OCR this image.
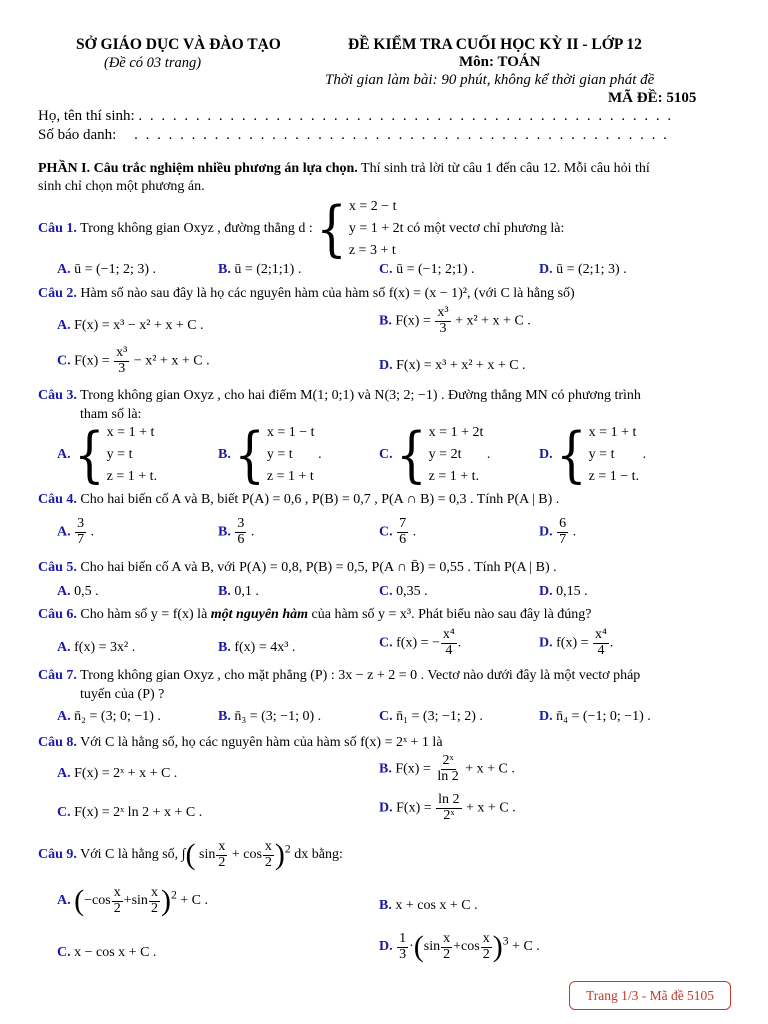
SỞ GIÁO DỤC VÀ ĐÀO TẠO
(Đề có 03 trang)
ĐỀ KIỂM TRA CUỐI HỌC KỲ II - LỚP 12
Môn: TOÁN
Thời gian làm bài: 90 phút, không kể thời gian phát đề
MÃ ĐỀ: 5105
Họ, tên thí sinh: . . . . . . . . . . . . . . . . . . . . . . . . . . . . . . . . . . . . . . . . . . . . . . .
Số báo danh: . . . . . . . . . . . . . . . . . . . . . . . . . . . . . . . . . . . . . . . . . . . . . . .
PHẦN I. Câu trắc nghiệm nhiều phương án lựa chọn. Thí sinh trả lời từ câu 1 đến câu 12. Mỗi câu hỏi thí
sinh chỉ chọn một phương án.
Câu 1. Trong không gian Oxyz , đường thẳng d : { x = 2 − t
y = 1 + 2t
z = 3 + t
có một vectơ chỉ phương là:
A. ū = (−1; 2; 3) .	B. ū = (2;1;1) .	C. ū = (−1; 2;1) .	D. ū = (2;1; 3) .
Câu 2. Hàm số nào sau đây là họ các nguyên hàm của hàm số f(x) = (x − 1)², (với C là hằng số)
A. F(x) = x³ − x² + x + C .	B. $F(x) = \frac{\text{x³}}{3} + x^2 + x + C$ .
C. $F(x) = \frac{\text{x³}}{3} - x^2 + x + C$ .	D. F(x) = x³ + x² + x + C .
Câu 3. Trong không gian Oxyz , cho hai điểm M(1; 0;1) và N(3; 2; −1) . Đường thẳng MN có phương trình
tham số là:
A. { x = 1 + t
y = t
z = 1 + t.
B. { x = 1 − t
y = t
z = 1 + t
.	C. { x = 1 + 2t
y = 2t
z = 1 + t.
.	D. { x = 1 + t
y = t
z = 1 − t.
.
Câu 4. Cho hai biến cố A và B, biết P(A) = 0,6 , P(B) = 0,7 , P(A ∩ B) = 0,3 . Tính P(A | B) .
A. $\frac{3}{7}$ .	B. $\frac{3}{6}$ .	C. $\frac{7}{6}$ .	D. $\frac{6}{7}$ .
Câu 5. Cho hai biến cố A và B, với P(A) = 0,8, P(B) = 0,5, P(A ∩ B̄) = 0,55 . Tính P(A | B) .
A. 0,5 .	B. 0,1 .	C. 0,35 .	D. 0,15 .
Câu 6. Cho hàm số y = f(x) là một nguyên hàm của hàm số y = x³. Phát biểu nào sau đây là đúng?
A. f(x) = 3x² .	B. f(x) = 4x³ .	C. f(x) = − $\frac{\text{x⁴}}{4}$ .	D. $f(x) = \frac{\text{x⁴}}{4}$ .
Câu 7. Trong không gian Oxyz , cho mặt phẳng (P) : 3x − z + 2 = 0 . Vectơ nào dưới đây là một vectơ pháp
tuyến của (P) ?
A. n̄₂ = (3; 0; −1) .	B. n̄₃ = (3; −1; 0) .	C. n̄₁ = (3; −1; 2) .	D. n̄₄ = (−1; 0; −1) .
Câu 8. Với C là hằng số, họ các nguyên hàm của hàm số f(x) = 2ˣ + 1 là
A. F(x) = 2ˣ + x + C .	B. $F(x) = \frac{\text{2ˣ}}{\ln 2} + x + C$ .
C. F(x) = 2ˣ ln 2 + x + C .	D. $F(x) = \frac{\ln 2}{\text{2ˣ}} + x + C$ .
Câu 9. Với C là hằng số, ∫( $\sin \frac{x}{2} + \cos \frac{x}{2} )^2$ dx bằng:
A. $(-\cos \frac{x}{2} +\sin \frac{x}{2} )^2 + C$ .	B. x + cos x + C .
C. x − cos x + C .	D. $\frac{1}{3} \cdot(\sin \frac{x}{2} +\cos \frac{x}{2} )^3 + C$ .
Trang 1/3 - Mã đề 5105
